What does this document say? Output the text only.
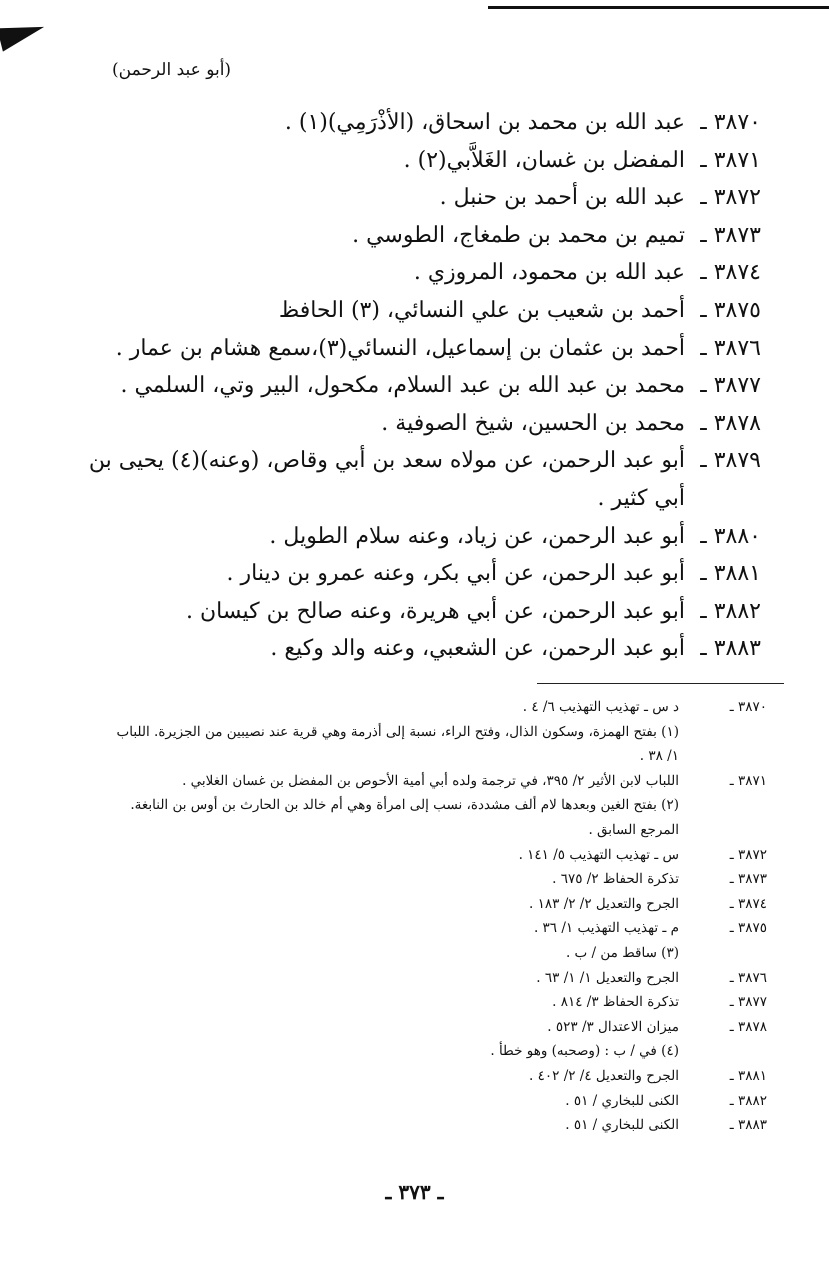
(أبو عبد الرحمن)
٣٨٧٠ ـ
عبد الله بن محمد بن اسحاق، (الأذْرَمِي)(١) .
٣٨٧١ ـ
المفضل بن غسان، الغَلاَّبي(٢) .
٣٨٧٢ ـ
عبد الله بن أحمد بن حنبل .
٣٨٧٣ ـ
تميم بن محمد بن طمغاج، الطوسي .
٣٨٧٤ ـ
عبد الله بن محمود، المروزي .
٣٨٧٥ ـ
أحمد بن شعيب بن علي النسائي، (٣) الحافظ
٣٨٧٦ ـ
أحمد بن عثمان بن إسماعيل، النسائي(٣)،سمع هشام بن عمار .
٣٨٧٧ ـ
محمد بن عبد الله بن عبد السلام، مكحول، البير وتي، السلمي .
٣٨٧٨ ـ
محمد بن الحسين، شيخ الصوفية .
٣٨٧٩ ـ
أبو عبد الرحمن، عن مولاه سعد بن أبي وقاص، (وعنه)(٤) يحيى بن أبي كثير .
٣٨٨٠ ـ
أبو عبد الرحمن، عن زياد، وعنه سلام الطويل .
٣٨٨١ ـ
أبو عبد الرحمن، عن أبي بكر، وعنه عمرو بن دينار .
٣٨٨٢ ـ
أبو عبد الرحمن، عن أبي هريرة، وعنه صالح بن كيسان .
٣٨٨٣ ـ
أبو عبد الرحمن، عن الشعبي، وعنه والد وكيع .
٣٨٧٠ ـ
د س ـ تهذيب التهذيب ٦/ ٤ .
(١) بفتح الهمزة، وسكون الذال، وفتح الراء، نسبة إلى أذرمة وهي قرية عند نصيبين من الجزيرة. اللباب ١/ ٣٨ .
٣٨٧١ ـ
اللباب لابن الأثير ٢/ ٣٩٥، في ترجمة ولده أبي أمية الأحوص بن المفضل بن غسان الغلابي .
(٢) بفتح الغين وبعدها لام ألف مشددة، نسب إلى امرأة وهي أم خالد بن الحارث بن أوس بن النابغة. المرجع السابق .
٣٨٧٢ ـ
س ـ تهذيب التهذيب ٥/ ١٤١ .
٣٨٧٣ ـ
تذكرة الحفاظ ٢/ ٦٧٥ .
٣٨٧٤ ـ
الجرح والتعديل ٢/ ٢/ ١٨٣ .
٣٨٧٥ ـ
م ـ تهذيب التهذيب ١/ ٣٦ .
(٣) ساقط من / ب .
٣٨٧٦ ـ
الجرح والتعديل ١/ ١/ ٦٣ .
٣٨٧٧ ـ
تذكرة الحفاظ ٣/ ٨١٤ .
٣٨٧٨ ـ
ميزان الاعتدال ٣/ ٥٢٣ .
(٤) في / ب : (وصحبه) وهو خطأ .
٣٨٨١ ـ
الجرح والتعديل ٤/ ٢/ ٤٠٢ .
٣٨٨٢ ـ
الكنى للبخاري / ٥١ .
٣٨٨٣ ـ
الكنى للبخاري / ٥١ .
ـ ٣٧٣ ـ
